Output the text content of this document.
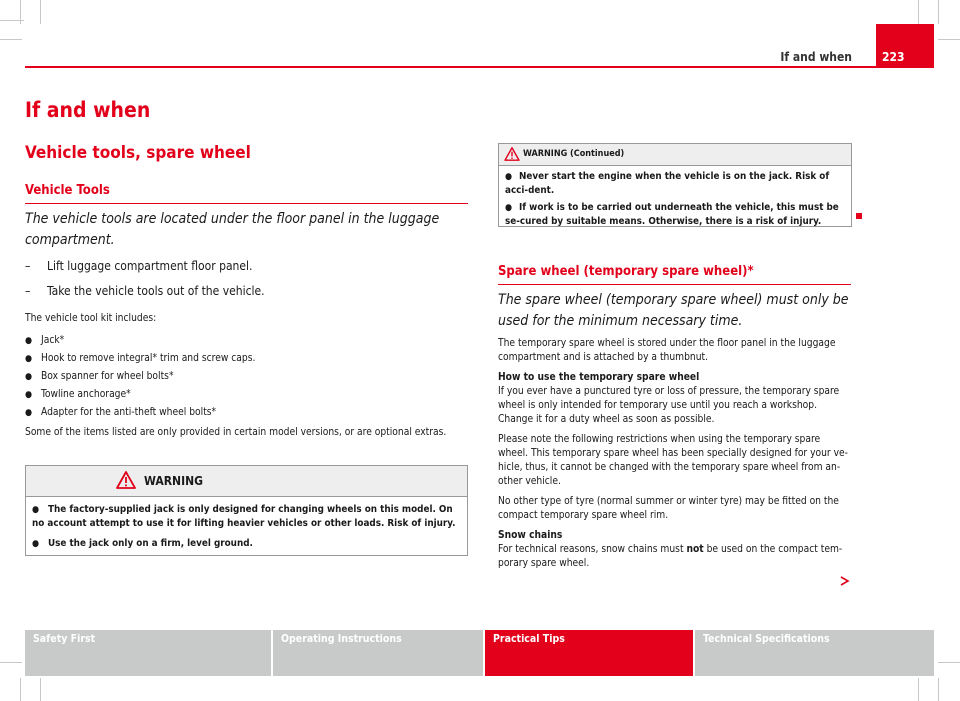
If and when	223
If and when
Vehicle tools, spare wheel
Vehicle Tools
The vehicle tools are located under the floor panel in the luggage compartment.
– Lift luggage compartment floor panel.
– Take the vehicle tools out of the vehicle.
The vehicle tool kit includes:
● Jack*
● Hook to remove integral* trim and screw caps.
● Box spanner for wheel bolts*
● Towline anchorage*
● Adapter for the anti-theft wheel bolts*
Some of the items listed are only provided in certain model versions, or are optional extras.
WARNING

● The factory-supplied jack is only designed for changing wheels on this model. On no account attempt to use it for lifting heavier vehicles or other loads. Risk of injury.

● Use the jack only on a firm, level ground.

WARNING (Continued)

● Never start the engine when the vehicle is on the jack. Risk of acci-dent.

● If work is to be carried out underneath the vehicle, this must be se-cured by suitable means. Otherwise, there is a risk of injury.

Spare wheel (temporary spare wheel)*
The spare wheel (temporary spare wheel) must only be used for the minimum necessary time.

The temporary spare wheel is stored under the floor panel in the luggage compartment and is attached by a thumbnut.

How to use the temporary spare wheel

If you ever have a punctured tyre or loss of pressure, the temporary spare wheel is only intended for temporary use until you reach a workshop. Change it for a duty wheel as soon as possible.

Please note the following restrictions when using the temporary spare wheel. This temporary spare wheel has been specially designed for your ve-hicle, thus, it cannot be changed with the temporary spare wheel from an-other vehicle.

No other type of tyre (normal summer or winter tyre) may be fitted on the compact temporary spare wheel rim.

Snow chains

For technical reasons, snow chains must not be used on the compact tem-porary spare wheel.

Safety First	Operating Instructions	Practical Tips	Technical Specifications
